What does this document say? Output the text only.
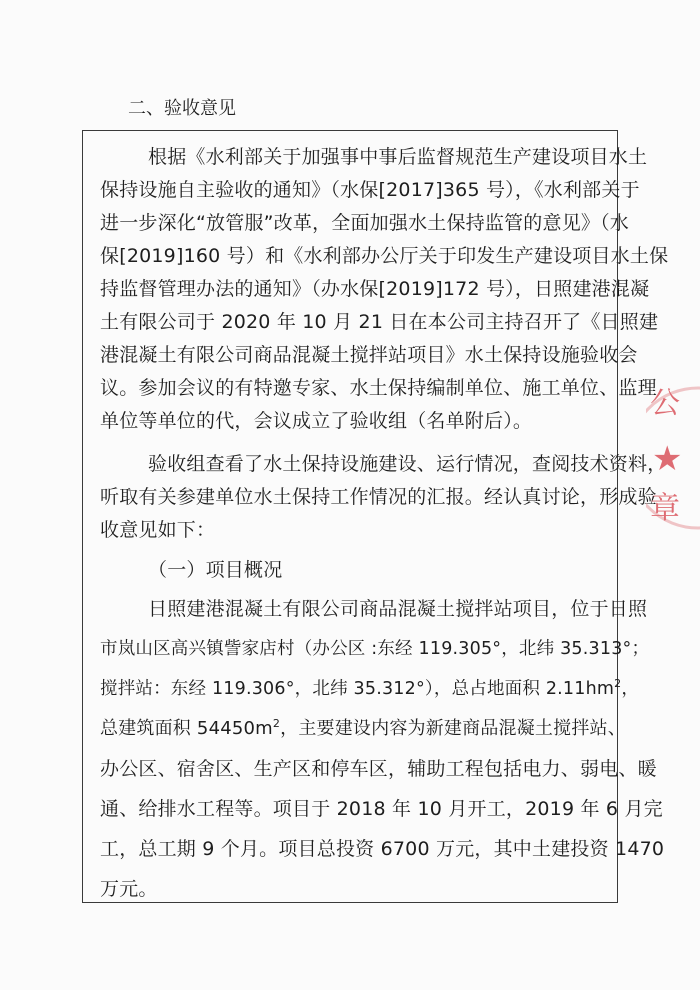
二、验收意见
根据《水利部关于加强事中事后监督规范生产建设项目水土
保持设施自主验收的通知》（水保[2017]365 号），《水利部关于
进一步深化“放管服”改革，全面加强水土保持监管的意见》（水
保[2019]160 号）和《水利部办公厅关于印发生产建设项目水土保
持监督管理办法的通知》（办水保[2019]172 号），日照建港混凝
土有限公司于 2020 年 10 月 21 日在本公司主持召开了《日照建
港混凝土有限公司商品混凝土搅拌站项目》水土保持设施验收会
议。参加会议的有特邀专家、水土保持编制单位、施工单位、监理
单位等单位的代，会议成立了验收组（名单附后）。
验收组查看了水土保持设施建设、运行情况，查阅技术资料，
听取有关参建单位水土保持工作情况的汇报。经认真讨论，形成验
收意见如下：
（一）项目概况
日照建港混凝土有限公司商品混凝土搅拌站项目，位于日照
市岚山区高兴镇訾家店村（办公区 :东经 119.305°，北纬 35.313°；
搅拌站：东经 119.306°，北纬 35.312°），总占地面积 $2.11hm^2$，
总建筑面积 $54450m^2$，主要建设内容为新建商品混凝土搅拌站、
办公区、宿舍区、生产区和停车区，辅助工程包括电力、弱电、暖
通、给排水工程等。项目于 2018 年 10 月开工，2019 年 6 月完
工，总工期 9 个月。项目总投资 6700 万元，其中土建投资 1470
万元。
公
★
章
